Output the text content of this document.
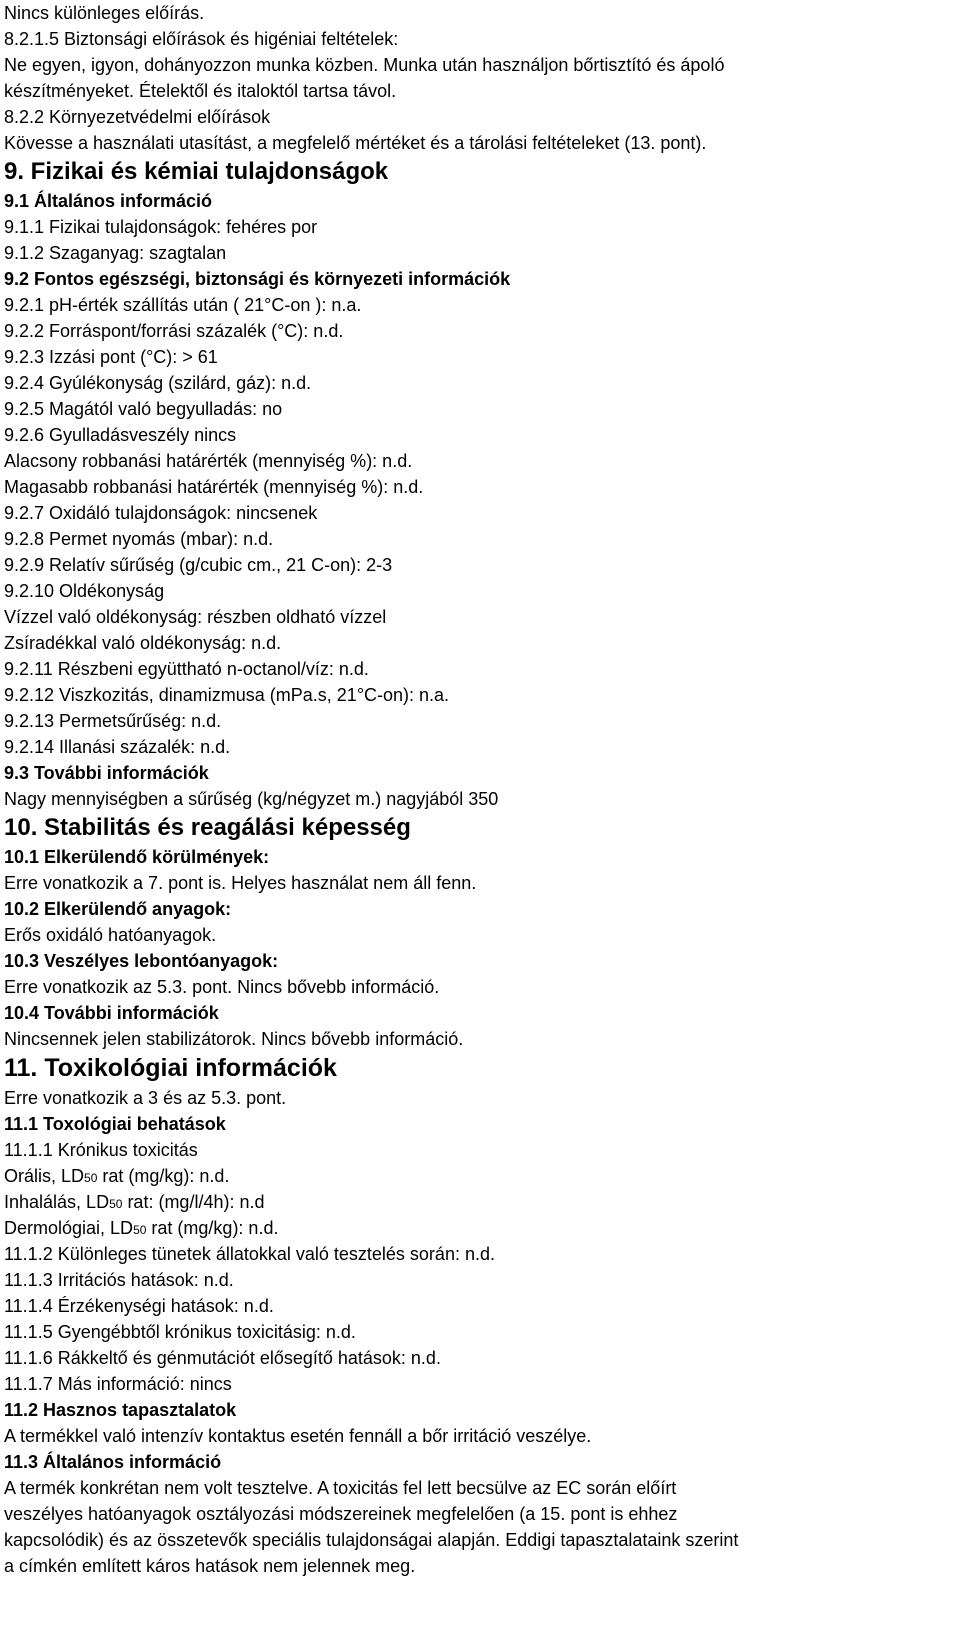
Nincs különleges előírás.
8.2.1.5 Biztonsági előírások és higéniai feltételek:
Ne egyen, igyon, dohányozzon munka közben. Munka után használjon bőrtisztító és ápoló
készítményeket. Ételektől és italoktól tartsa távol.
8.2.2 Környezetvédelmi előírások
Kövesse a használati utasítást, a megfelelő mértéket és a tárolási feltételeket (13. pont).
9. Fizikai és kémiai tulajdonságok
9.1 Általános információ
9.1.1 Fizikai tulajdonságok: fehéres por
9.1.2 Szaganyag: szagtalan
9.2 Fontos egészségi, biztonsági és környezeti információk
9.2.1 pH-érték szállítás után ( 21°C-on ): n.a.
9.2.2 Forráspont/forrási százalék (°C): n.d.
9.2.3 Izzási pont (°C): > 61
9.2.4 Gyúlékonyság (szilárd, gáz): n.d.
9.2.5 Magától való begyulladás: no
9.2.6 Gyulladásveszély nincs
Alacsony robbanási határérték (mennyiség %): n.d.
Magasabb robbanási határérték (mennyiség %): n.d.
9.2.7 Oxidáló tulajdonságok: nincsenek
9.2.8 Permet nyomás (mbar): n.d.
9.2.9 Relatív sűrűség (g/cubic cm., 21 C-on): 2-3
9.2.10 Oldékonyság
Vízzel való oldékonyság: részben oldható vízzel
Zsíradékkal való oldékonyság: n.d.
9.2.11 Részbeni együttható n-octanol/víz: n.d.
9.2.12 Viszkozitás, dinamizmusa (mPa.s, 21°C-on): n.a.
9.2.13 Permetsűrűség: n.d.
9.2.14 Illanási százalék: n.d.
9.3 További információk
Nagy mennyiségben a sűrűség (kg/négyzet m.) nagyjából 350
10. Stabilitás és reagálási képesség
10.1 Elkerülendő körülmények:
Erre vonatkozik a 7. pont is. Helyes használat nem áll fenn.
10.2 Elkerülendő anyagok:
Erős oxidáló hatóanyagok.
10.3 Veszélyes lebontóanyagok:
Erre vonatkozik az 5.3. pont. Nincs bővebb információ.
10.4 További információk
Nincsennek jelen stabilizátorok. Nincs bővebb információ.
11. Toxikológiai információk
Erre vonatkozik a 3 és az 5.3. pont.
11.1 Toxológiai behatások
11.1.1 Krónikus toxicitás
Orális, LD50 rat (mg/kg): n.d.
Inhalálás, LD50 rat: (mg/l/4h): n.d
Dermológiai, LD50 rat (mg/kg): n.d.
11.1.2 Különleges tünetek állatokkal való tesztelés során: n.d.
11.1.3 Irritációs hatások: n.d.
11.1.4 Érzékenységi hatások: n.d.
11.1.5 Gyengébbtől krónikus toxicitásig: n.d.
11.1.6 Rákkeltő és génmutációt elősegítő hatások: n.d.
11.1.7 Más információ: nincs
11.2 Hasznos tapasztalatok
A termékkel való intenzív kontaktus esetén fennáll a bőr irritáció veszélye.
11.3 Általános információ
A termék konkrétan nem volt tesztelve. A toxicitás fel lett becsülve az EC során előírt
veszélyes hatóanyagok osztályozási módszereinek megfelelően (a 15. pont is ehhez
kapcsolódik) és az összetevők speciális tulajdonságai alapján. Eddigi tapasztalataink szerint
a címkén említett káros hatások nem jelennek meg.
